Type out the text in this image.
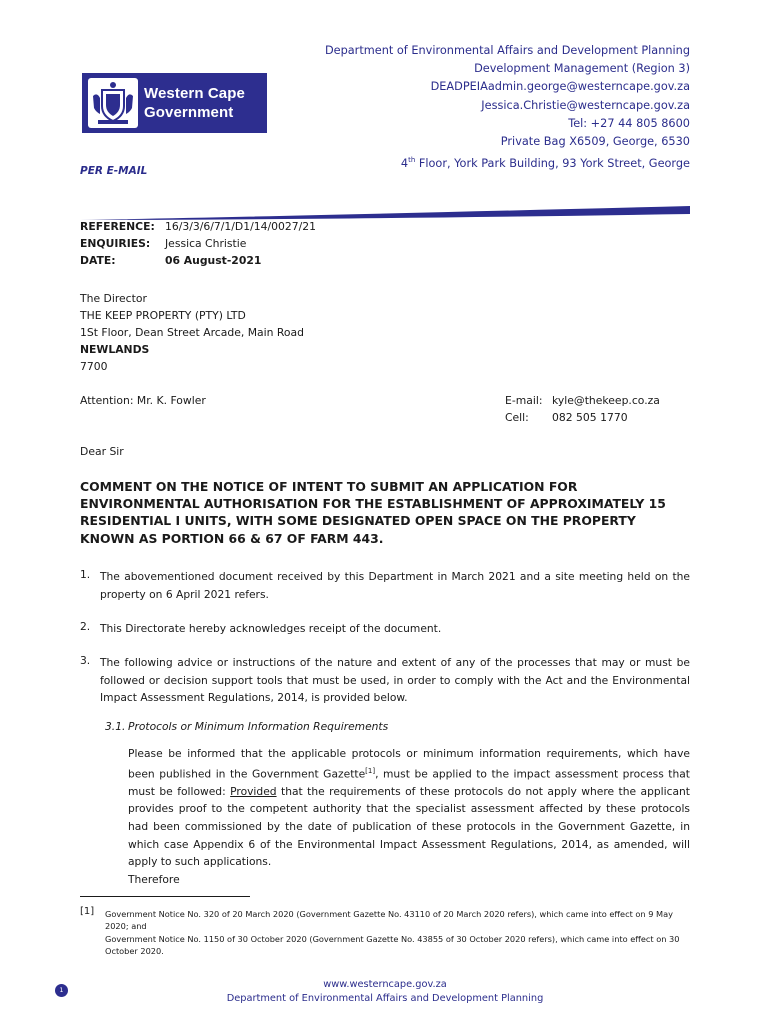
Western Cape
Government
Department of Environmental Affairs and Development Planning
Development Management (Region 3)
DEADPEIAadmin.george@westerncape.gov.za
Jessica.Christie@westerncape.gov.za
Tel: +27 44 805 8600
Private Bag X6509, George, 6530
4th Floor, York Park Building, 93 York Street, George
PER E-MAIL
REFERENCE: 16/3/3/6/7/1/D1/14/0027/21
ENQUIRIES: Jessica Christie
DATE:	06 August-2021
The Director
THE KEEP PROPERTY (PTY) LTD
1St Floor, Dean Street Arcade, Main Road
NEWLANDS
7700
Attention: Mr. K. Fowler	E-mail: kyle@thekeep.co.za
Cell: 082 505 1770
Dear Sir
COMMENT ON THE NOTICE OF INTENT TO SUBMIT AN APPLICATION FOR ENVIRONMENTAL AUTHORISATION FOR THE ESTABLISHMENT OF APPROXIMATELY 15 RESIDENTIAL I UNITS, WITH SOME DESIGNATED OPEN SPACE ON THE PROPERTY KNOWN AS PORTION 66 & 67 OF FARM 443.
1. The abovementioned document received by this Department in March 2021 and a site meeting held on the property on 6 April 2021 refers.
2. This Directorate hereby acknowledges receipt of the document.
3. The following advice or instructions of the nature and extent of any of the processes that may or must be followed or decision support tools that must be used, in order to comply with the Act and the Environmental Impact Assessment Regulations, 2014, is provided below.
3.1. Protocols or Minimum Information Requirements
Please be informed that the applicable protocols or minimum information requirements, which have been published in the Government Gazette[1], must be applied to the impact assessment process that must be followed: Provided that the requirements of these protocols do not apply where the applicant provides proof to the competent authority that the specialist assessment affected by these protocols had been commissioned by the date of publication of these protocols in the Government Gazette, in which case Appendix 6 of the Environmental Impact Assessment Regulations, 2014, as amended, will apply to such applications.
Therefore
[1] Government Notice No. 320 of 20 March 2020 (Government Gazette No. 43110 of 20 March 2020 refers), which came into effect on 9 May 2020; and
Government Notice No. 1150 of 30 October 2020 (Government Gazette No. 43855 of 30 October 2020 refers), which came into effect on 30 October 2020.
1	www.westerncape.gov.za
Department of Environmental Affairs and Development Planning
